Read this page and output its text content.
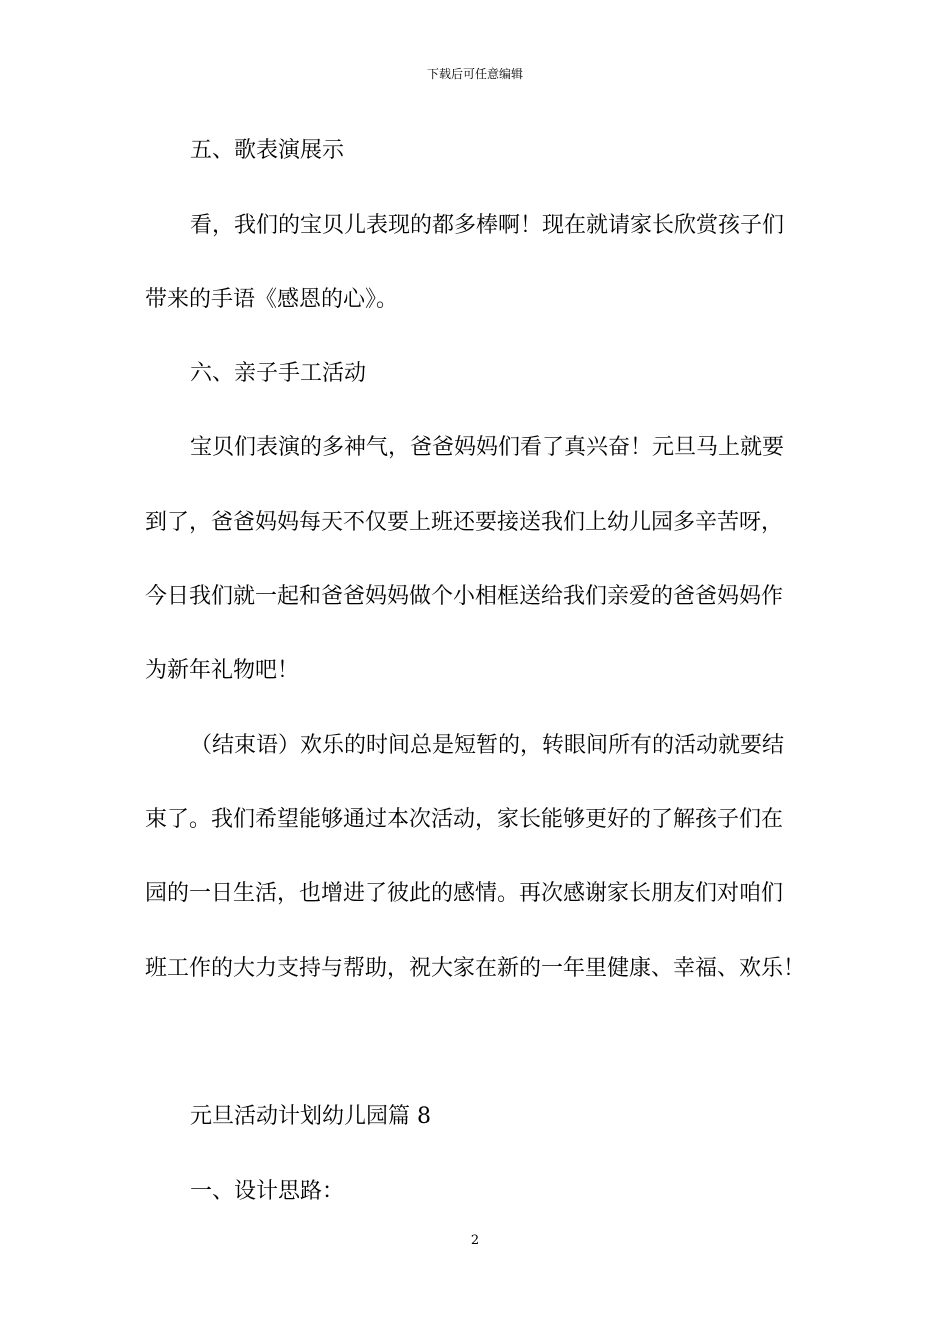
下载后可任意编辑
五、歌表演展示
看，我们的宝贝儿表现的都多棒啊！现在就请家长欣赏孩子们
带来的手语《感恩的心》。
六、亲子手工活动
宝贝们表演的多神气，爸爸妈妈们看了真兴奋！元旦马上就要
到了，爸爸妈妈每天不仅要上班还要接送我们上幼儿园多辛苦呀，
今日我们就一起和爸爸妈妈做个小相框送给我们亲爱的爸爸妈妈作
为新年礼物吧！
（结束语）欢乐的时间总是短暂的，转眼间所有的活动就要结
束了。我们希望能够通过本次活动，家长能够更好的了解孩子们在
园的一日生活，也增进了彼此的感情。再次感谢家长朋友们对咱们
班工作的大力支持与帮助，祝大家在新的一年里健康、幸福、欢乐！
元旦活动计划幼儿园篇 8
一、设计思路：
2
